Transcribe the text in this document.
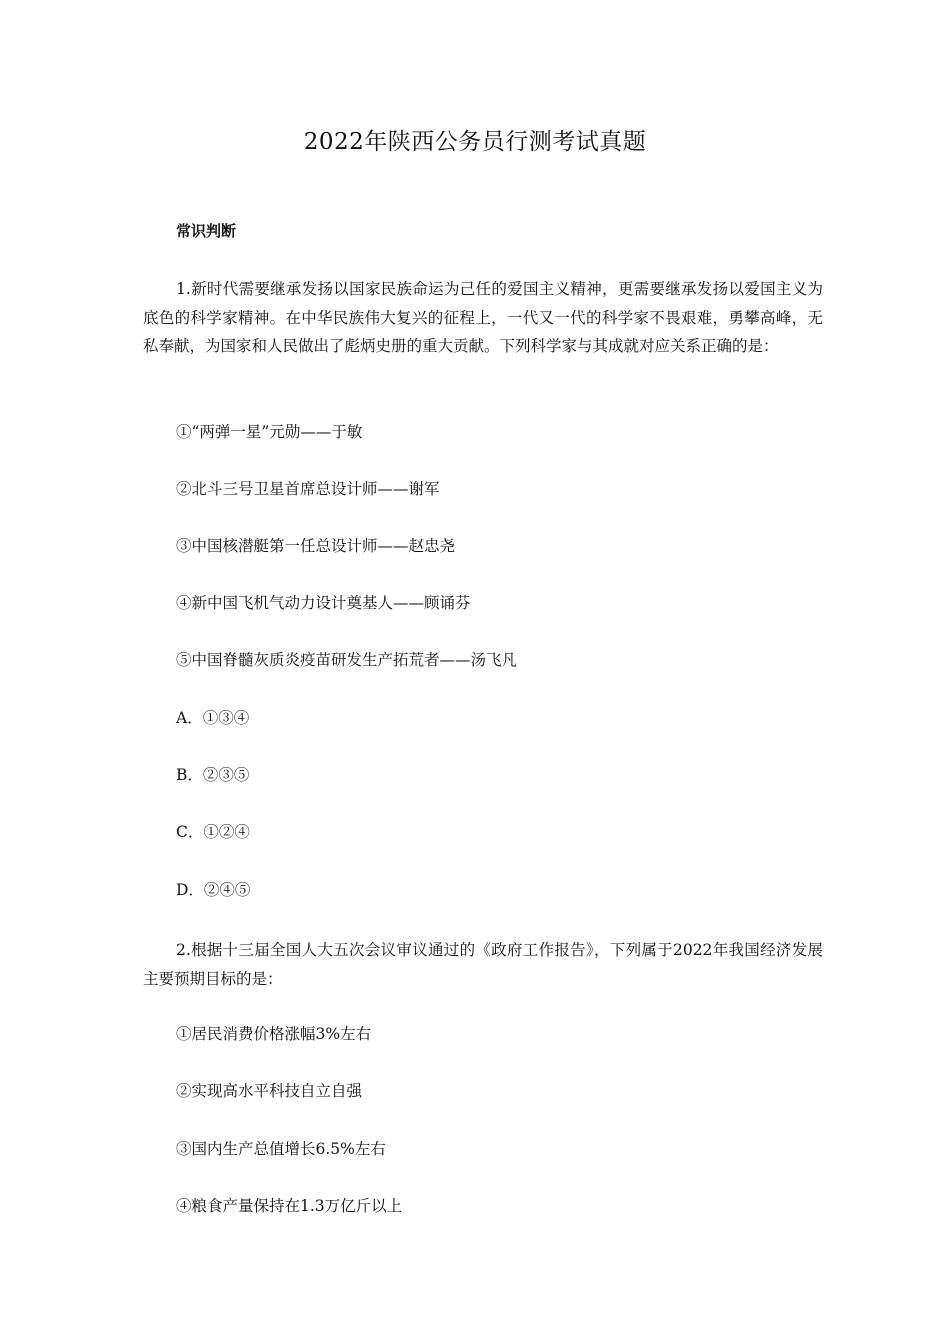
2022年陕西公务员行测考试真题
常识判断
1.新时代需要继承发扬以国家民族命运为己任的爱国主义精神，更需要继承发扬以爱国主义为底色的科学家精神。在中华民族伟大复兴的征程上，一代又一代的科学家不畏艰难，勇攀高峰，无私奉献，为国家和人民做出了彪炳史册的重大贡献。下列科学家与其成就对应关系正确的是：
①“两弹一星”元勋——于敏
②北斗三号卫星首席总设计师——谢军
③中国核潜艇第一任总设计师——赵忠尧
④新中国飞机气动力设计奠基人——顾诵芬
⑤中国脊髓灰质炎疫苗研发生产拓荒者——汤飞凡
A．①③④
B．②③⑤
C．①②④
D．②④⑤
2.根据十三届全国人大五次会议审议通过的《政府工作报告》，下列属于2022年我国经济发展主要预期目标的是：
①居民消费价格涨幅3%左右
②实现高水平科技自立自强
③国内生产总值增长6.5%左右
④粮食产量保持在1.3万亿斤以上
